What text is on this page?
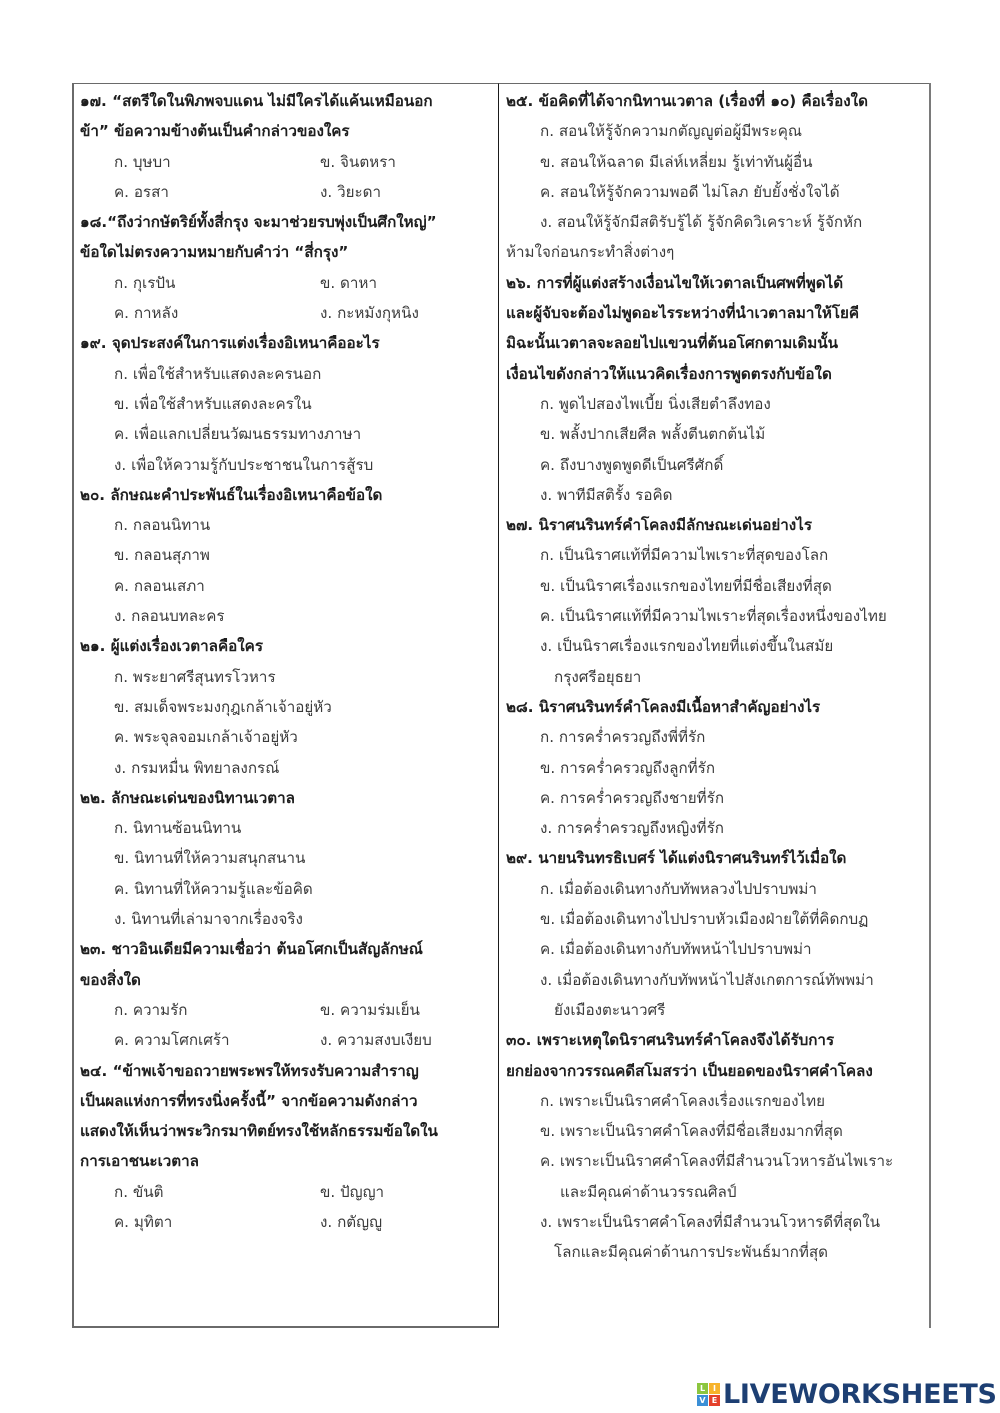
๑๗. “สตรีใดในพิภพจบแดน ไม่มีใครได้แค้นเหมือนอก
ข้า” ข้อความข้างต้นเป็นคำกล่าวของใคร
ก. บุษบา	ข. จินตหรา
ค. อรสา	ง. วิยะดา
๑๘.“ถึงว่ากษัตริย์ทั้งสี่กรุง จะมาช่วยรบพุ่งเป็นศึกใหญ่”
ข้อใดไม่ตรงความหมายกับคำว่า “สี่กรุง”
ก. กุเรปัน	ข. ดาหา
ค. กาหลัง	ง. กะหมังกุหนิง
๑๙. จุดประสงค์ในการแต่งเรื่องอิเหนาคืออะไร
ก. เพื่อใช้สำหรับแสดงละครนอก
ข. เพื่อใช้สำหรับแสดงละครใน
ค. เพื่อแลกเปลี่ยนวัฒนธรรมทางภาษา
ง. เพื่อให้ความรู้กับประชาชนในการสู้รบ
๒๐. ลักษณะคำประพันธ์ในเรื่องอิเหนาคือข้อใด
ก. กลอนนิทาน
ข. กลอนสุภาพ
ค. กลอนเสภา
ง. กลอนบทละคร
๒๑. ผู้แต่งเรื่องเวตาลคือใคร
ก. พระยาศรีสุนทรโวหาร
ข. สมเด็จพระมงกุฎเกล้าเจ้าอยู่หัว
ค. พระจุลจอมเกล้าเจ้าอยู่หัว
ง. กรมหมื่น พิทยาลงกรณ์
๒๒. ลักษณะเด่นของนิทานเวตาล
ก. นิทานซ้อนนิทาน
ข. นิทานที่ให้ความสนุกสนาน
ค. นิทานที่ให้ความรู้และข้อคิด
ง. นิทานที่เล่ามาจากเรื่องจริง
๒๓. ชาวอินเดียมีความเชื่อว่า ต้นอโศกเป็นสัญลักษณ์
ของสิ่งใด
ก. ความรัก	ข. ความร่มเย็น
ค. ความโศกเศร้า	ง. ความสงบเงียบ
๒๔. “ข้าพเจ้าขอถวายพระพรให้ทรงรับความสำราญ
เป็นผลแห่งการที่ทรงนิ่งครั้งนี้” จากข้อความดังกล่าว
แสดงให้เห็นว่าพระวิกรมาทิตย์ทรงใช้หลักธรรมข้อใดใน
การเอาชนะเวตาล
ก. ขันติ	ข. ปัญญา
ค. มุทิตา	ง. กตัญญู
๒๕. ข้อคิดที่ได้จากนิทานเวตาล (เรื่องที่ ๑๐) คือเรื่องใด
ก. สอนให้รู้จักความกตัญญูต่อผู้มีพระคุณ
ข. สอนให้ฉลาด มีเล่ห์เหลี่ยม รู้เท่าทันผู้อื่น
ค. สอนให้รู้จักความพอดี ไม่โลภ ยับยั้งชั่งใจได้
ง. สอนให้รู้จักมีสติรับรู้ได้ รู้จักคิดวิเคราะห์ รู้จักหัก
ห้ามใจก่อนกระทำสิ่งต่างๆ
๒๖. การที่ผู้แต่งสร้างเงื่อนไขให้เวตาลเป็นศพที่พูดได้
และผู้จับจะต้องไม่พูดอะไรระหว่างที่นำเวตาลมาให้โยคี
มิฉะนั้นเวตาลจะลอยไปแขวนที่ต้นอโศกตามเดิมนั้น
เงื่อนไขดังกล่าวให้แนวคิดเรื่องการพูดตรงกับข้อใด
ก. พูดไปสองไพเบี้ย นิ่งเสียตำลึงทอง
ข. พลั้งปากเสียศีล พลั้งตีนตกต้นไม้
ค. ถึงบางพูดพูดดีเป็นศรีศักดิ์
ง. พาทีมีสติรั้ง รอคิด
๒๗. นิราศนรินทร์คำโคลงมีลักษณะเด่นอย่างไร
ก. เป็นนิราศแท้ที่มีความไพเราะที่สุดของโลก
ข. เป็นนิราศเรื่องแรกของไทยที่มีชื่อเสียงที่สุด
ค. เป็นนิราศแท้ที่มีความไพเราะที่สุดเรื่องหนึ่งของไทย
ง. เป็นนิราศเรื่องแรกของไทยที่แต่งขึ้นในสมัย
กรุงศรีอยุธยา
๒๘. นิราศนรินทร์คำโคลงมีเนื้อหาสำคัญอย่างไร
ก. การคร่ำครวญถึงพี่ที่รัก
ข. การคร่ำครวญถึงลูกที่รัก
ค. การคร่ำครวญถึงชายที่รัก
ง. การคร่ำครวญถึงหญิงที่รัก
๒๙. นายนรินทรธิเบศร์ ได้แต่งนิราศนรินทร์ไว้เมื่อใด
ก. เมื่อต้องเดินทางกับทัพหลวงไปปราบพม่า
ข. เมื่อต้องเดินทางไปปราบหัวเมืองฝ่ายใต้ที่คิดกบฏ
ค. เมื่อต้องเดินทางกับทัพหน้าไปปราบพม่า
ง. เมื่อต้องเดินทางกับทัพหน้าไปสังเกตการณ์ทัพพม่า
ยังเมืองตะนาวศรี
๓๐. เพราะเหตุใดนิราศนรินทร์คำโคลงจึงได้รับการ
ยกย่องจากวรรณคดีสโมสรว่า เป็นยอดของนิราศคำโคลง
ก. เพราะเป็นนิราศคำโคลงเรื่องแรกของไทย
ข. เพราะเป็นนิราศคำโคลงที่มีชื่อเสียงมากที่สุด
ค. เพราะเป็นนิราศคำโคลงที่มีสำนวนโวหารอันไพเราะ
และมีคุณค่าด้านวรรณศิลป์
ง. เพราะเป็นนิราศคำโคลงที่มีสำนวนโวหารดีที่สุดใน
โลกและมีคุณค่าด้านการประพันธ์มากที่สุด
L I
V E LIVEWORKSHEETS
